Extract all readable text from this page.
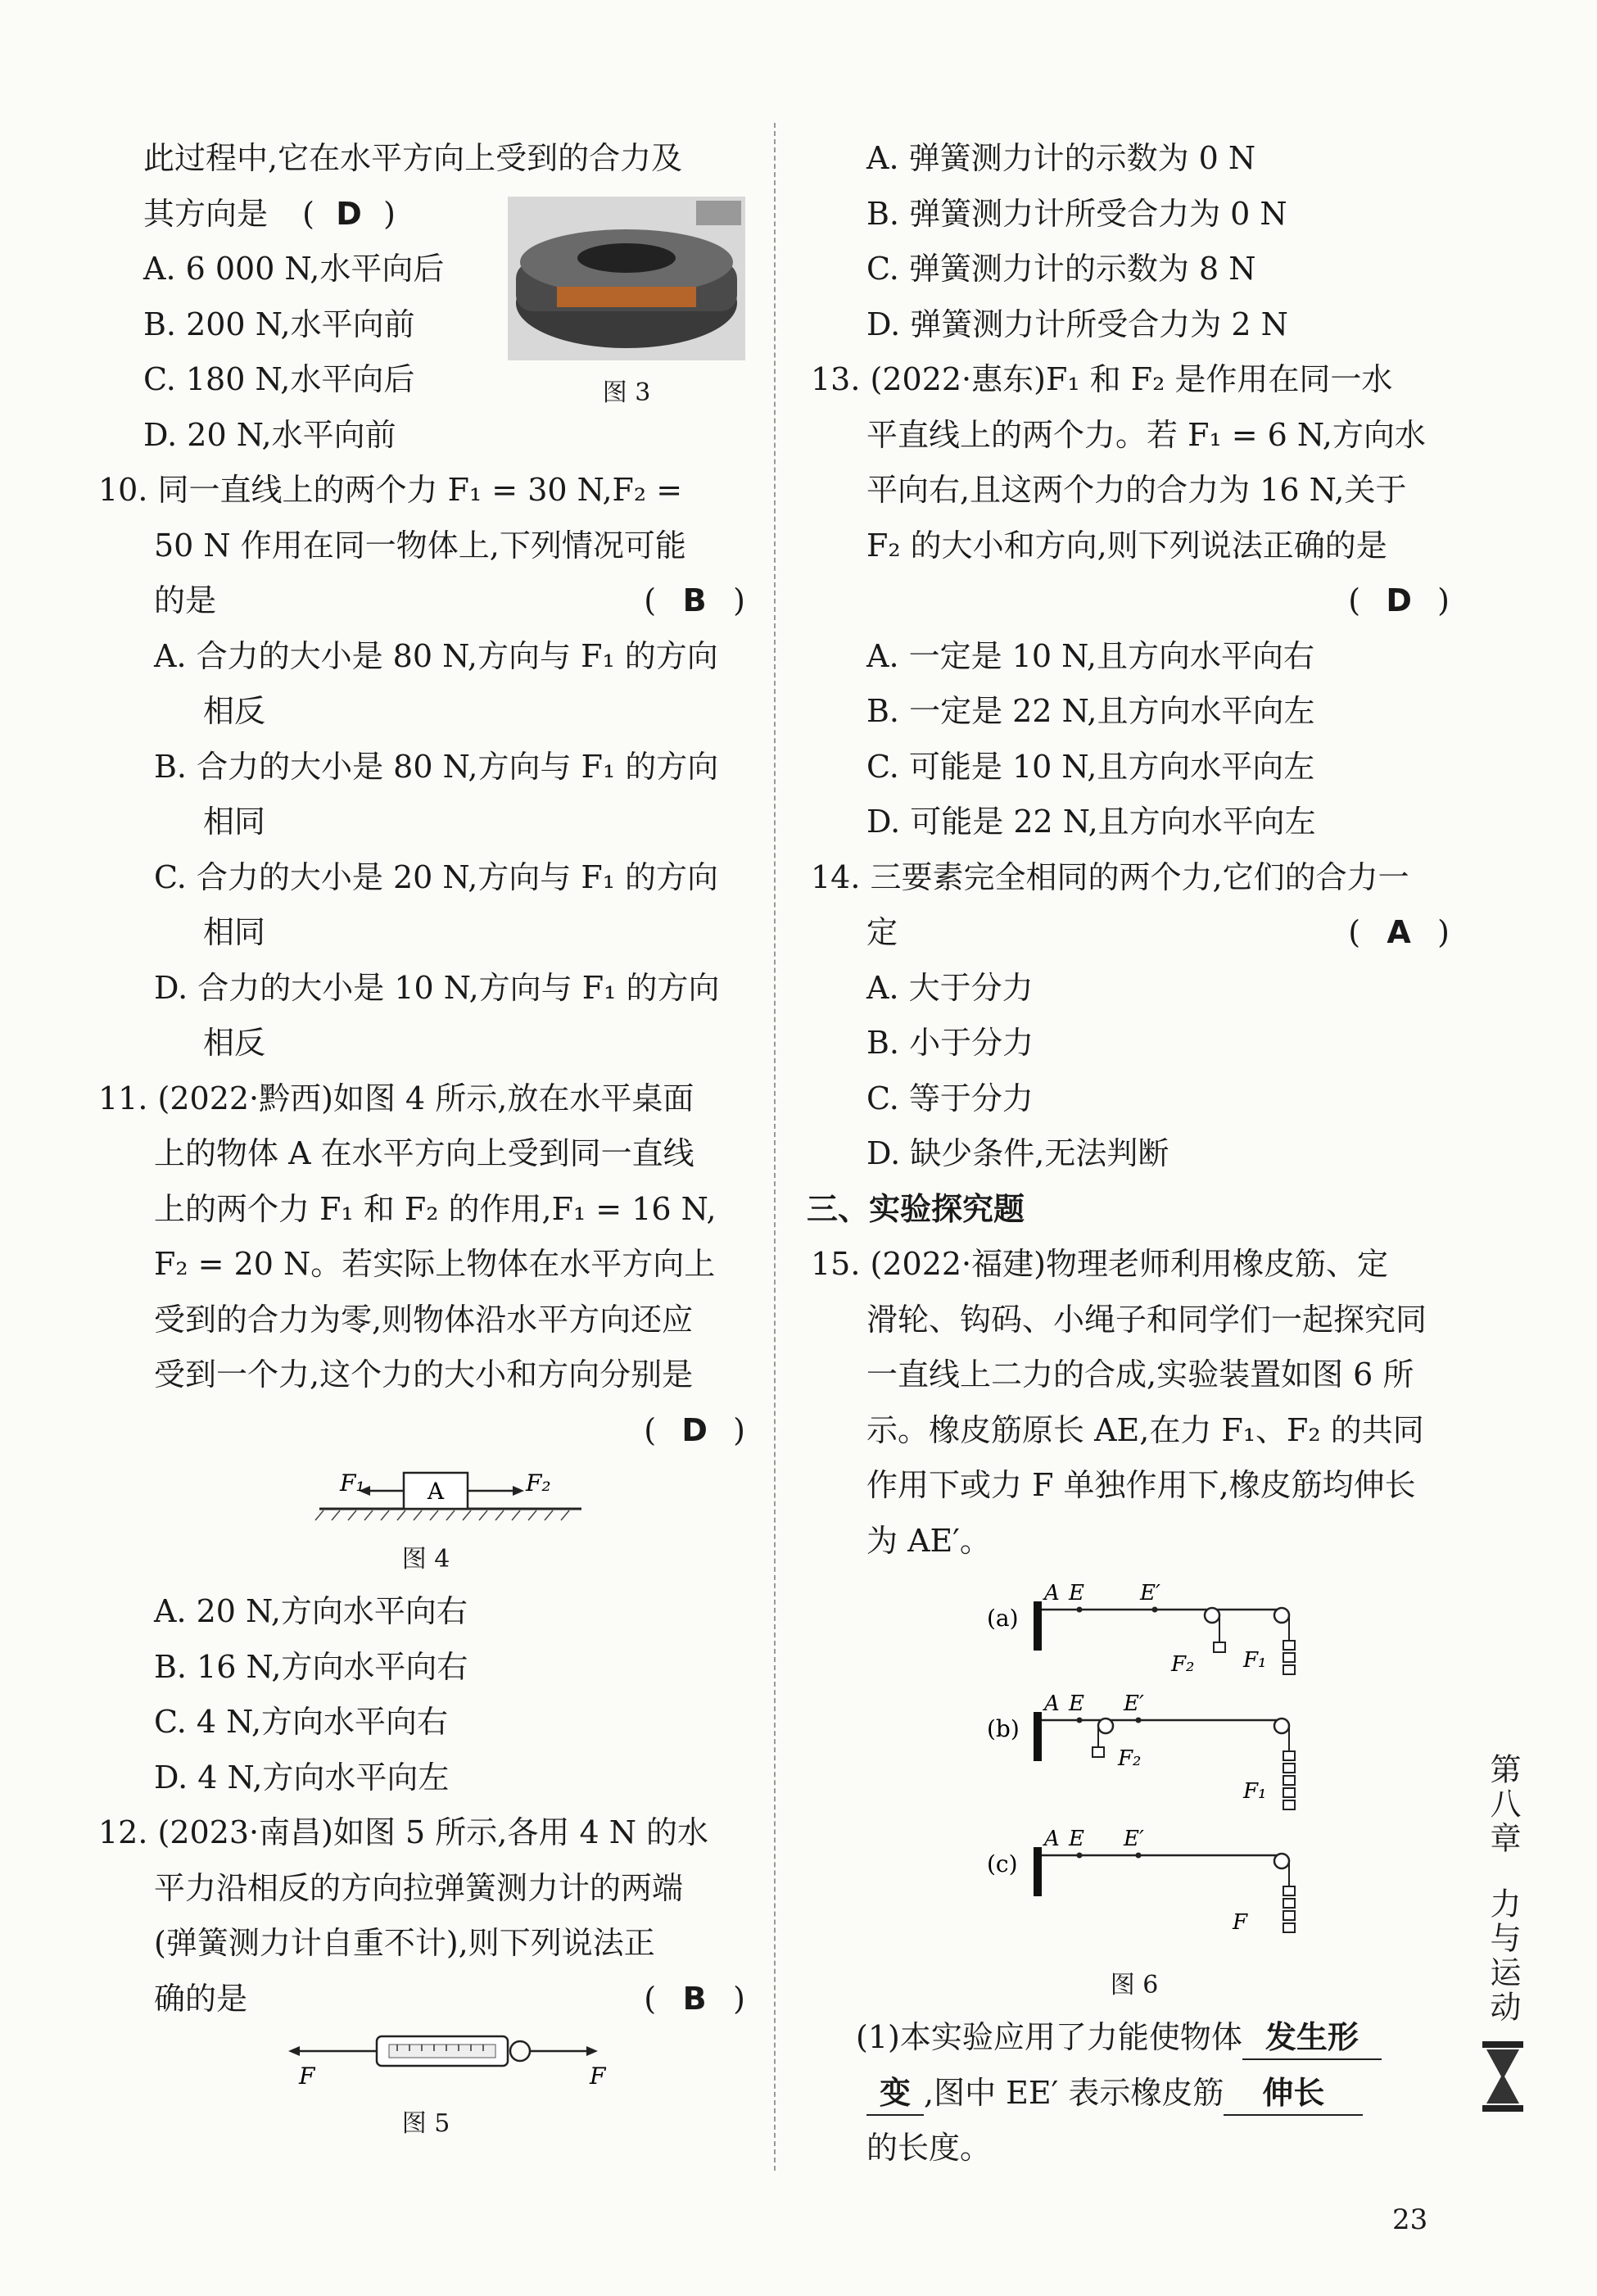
此过程中,它在水平方向上受到的合力及
其方向是 ( D )
A. 6 000 N,水平向后
B. 200 N,水平向前
C. 180 N,水平向后
D. 20 N,水平向前
图 3
10. 同一直线上的两个力 F₁ = 30 N,F₂ =
50 N 作用在同一物体上,下列情况可能
的是	( B )
A. 合力的大小是 80 N,方向与 F₁ 的方向
相反
B. 合力的大小是 80 N,方向与 F₁ 的方向
相同
C. 合力的大小是 20 N,方向与 F₁ 的方向
相同
D. 合力的大小是 10 N,方向与 F₁ 的方向
相反
11. (2022·黔西)如图 4 所示,放在水平桌面
上的物体 A 在水平方向上受到同一直线
上的两个力 F₁ 和 F₂ 的作用,F₁ = 16 N,
F₂ = 20 N。若实际上物体在水平方向上
受到的合力为零,则物体沿水平方向还应
受到一个力,这个力的大小和方向分别是
( D )
A
F₁	F₂
图 4
A. 20 N,方向水平向右
B. 16 N,方向水平向右
C. 4 N,方向水平向右
D. 4 N,方向水平向左
12. (2023·南昌)如图 5 所示,各用 4 N 的水
平力沿相反的方向拉弹簧测力计的两端
(弹簧测力计自重不计),则下列说法正
确的是	( B )
F	F
图 5
A. 弹簧测力计的示数为 0 N
B. 弹簧测力计所受合力为 0 N
C. 弹簧测力计的示数为 8 N
D. 弹簧测力计所受合力为 2 N
13. (2022·惠东)F₁ 和 F₂ 是作用在同一水
平直线上的两个力。若 F₁ = 6 N,方向水
平向右,且这两个力的合力为 16 N,关于
F₂ 的大小和方向,则下列说法正确的是
( D )
A. 一定是 10 N,且方向水平向右
B. 一定是 22 N,且方向水平向左
C. 可能是 10 N,且方向水平向左
D. 可能是 22 N,且方向水平向左
14. 三要素完全相同的两个力,它们的合力一
定	( A )
A. 大于分力
B. 小于分力
C. 等于分力
D. 缺少条件,无法判断
三、实验探究题
15. (2022·福建)物理老师利用橡皮筋、定
滑轮、钩码、小绳子和同学们一起探究同
一直线上二力的合成,实验装置如图 6 所
示。橡皮筋原长 AE,在力 F₁、F₂ 的共同
作用下或力 F 单独作用下,橡皮筋均伸长
为 AE′。
(a)
A E	E′
F₂ F₁
(b)
A E E′
F₂
F₁
(c)
A E E′
F
图 6
(1)本实验应用了力能使物体 发生形
变 ,图中 EE′ 表示橡皮筋 伸长
的长度。
第八章
力与运动
23
